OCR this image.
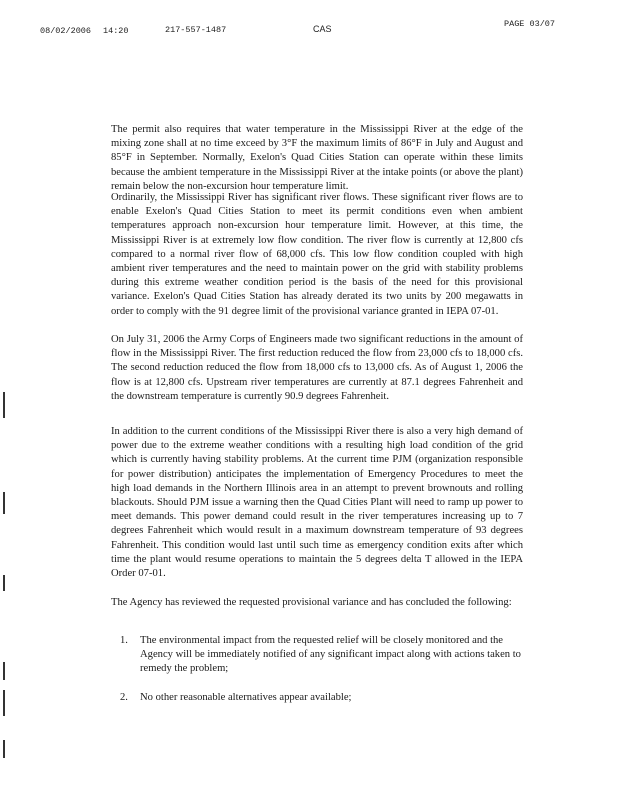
08/02/2006 14:20	217-557-1487	CAS	PAGE 03/07

The permit also requires that water temperature in the Mississippi River at the edge of the mixing zone shall at no time exceed by 3°F the maximum limits of 86°F in July and August and 85°F in September. Normally, Exelon's Quad Cities Station can operate within these limits because the ambient temperature in the Mississippi River at the intake points (or above the plant) remain below the non-excursion hour temperature limit.

Ordinarily, the Mississippi River has significant river flows. These significant river flows are to enable Exelon's Quad Cities Station to meet its permit conditions even when ambient temperatures approach non-excursion hour temperature limit. However, at this time, the Mississippi River is at extremely low flow condition. The river flow is currently at 12,800 cfs compared to a normal river flow of 68,000 cfs. This low flow condition coupled with high ambient river temperatures and the need to maintain power on the grid with stability problems during this extreme weather condition period is the basis of the need for this provisional variance. Exelon's Quad Cities Station has already derated its two units by 200 megawatts in order to comply with the 91 degree limit of the provisional variance granted in IEPA 07-01.

On July 31, 2006 the Army Corps of Engineers made two significant reductions in the amount of flow in the Mississippi River. The first reduction reduced the flow from 23,000 cfs to 18,000 cfs. The second reduction reduced the flow from 18,000 cfs to 13,000 cfs. As of August 1, 2006 the flow is at 12,800 cfs. Upstream river temperatures are currently at 87.1 degrees Fahrenheit and the downstream temperature is currently 90.9 degrees Fahrenheit.

In addition to the current conditions of the Mississippi River there is also a very high demand of power due to the extreme weather conditions with a resulting high load condition of the grid which is currently having stability problems. At the current time PJM (organization responsible for power distribution) anticipates the implementation of Emergency Procedures to meet the high load demands in the Northern Illinois area in an attempt to prevent brownouts and rolling blackouts. Should PJM issue a warning then the Quad Cities Plant will need to ramp up power to meet demands. This power demand could result in the river temperatures increasing up to 7 degrees Fahrenheit which would result in a maximum downstream temperature of 93 degrees Fahrenheit. This condition would last until such time as emergency condition exits after which time the plant would resume operations to maintain the 5 degrees delta T allowed in the IEPA Order 07-01.

The Agency has reviewed the requested provisional variance and has concluded the following:

1. The environmental impact from the requested relief will be closely monitored and the Agency will be immediately notified of any significant impact along with actions taken to remedy the problem;
2. No other reasonable alternatives appear available;
